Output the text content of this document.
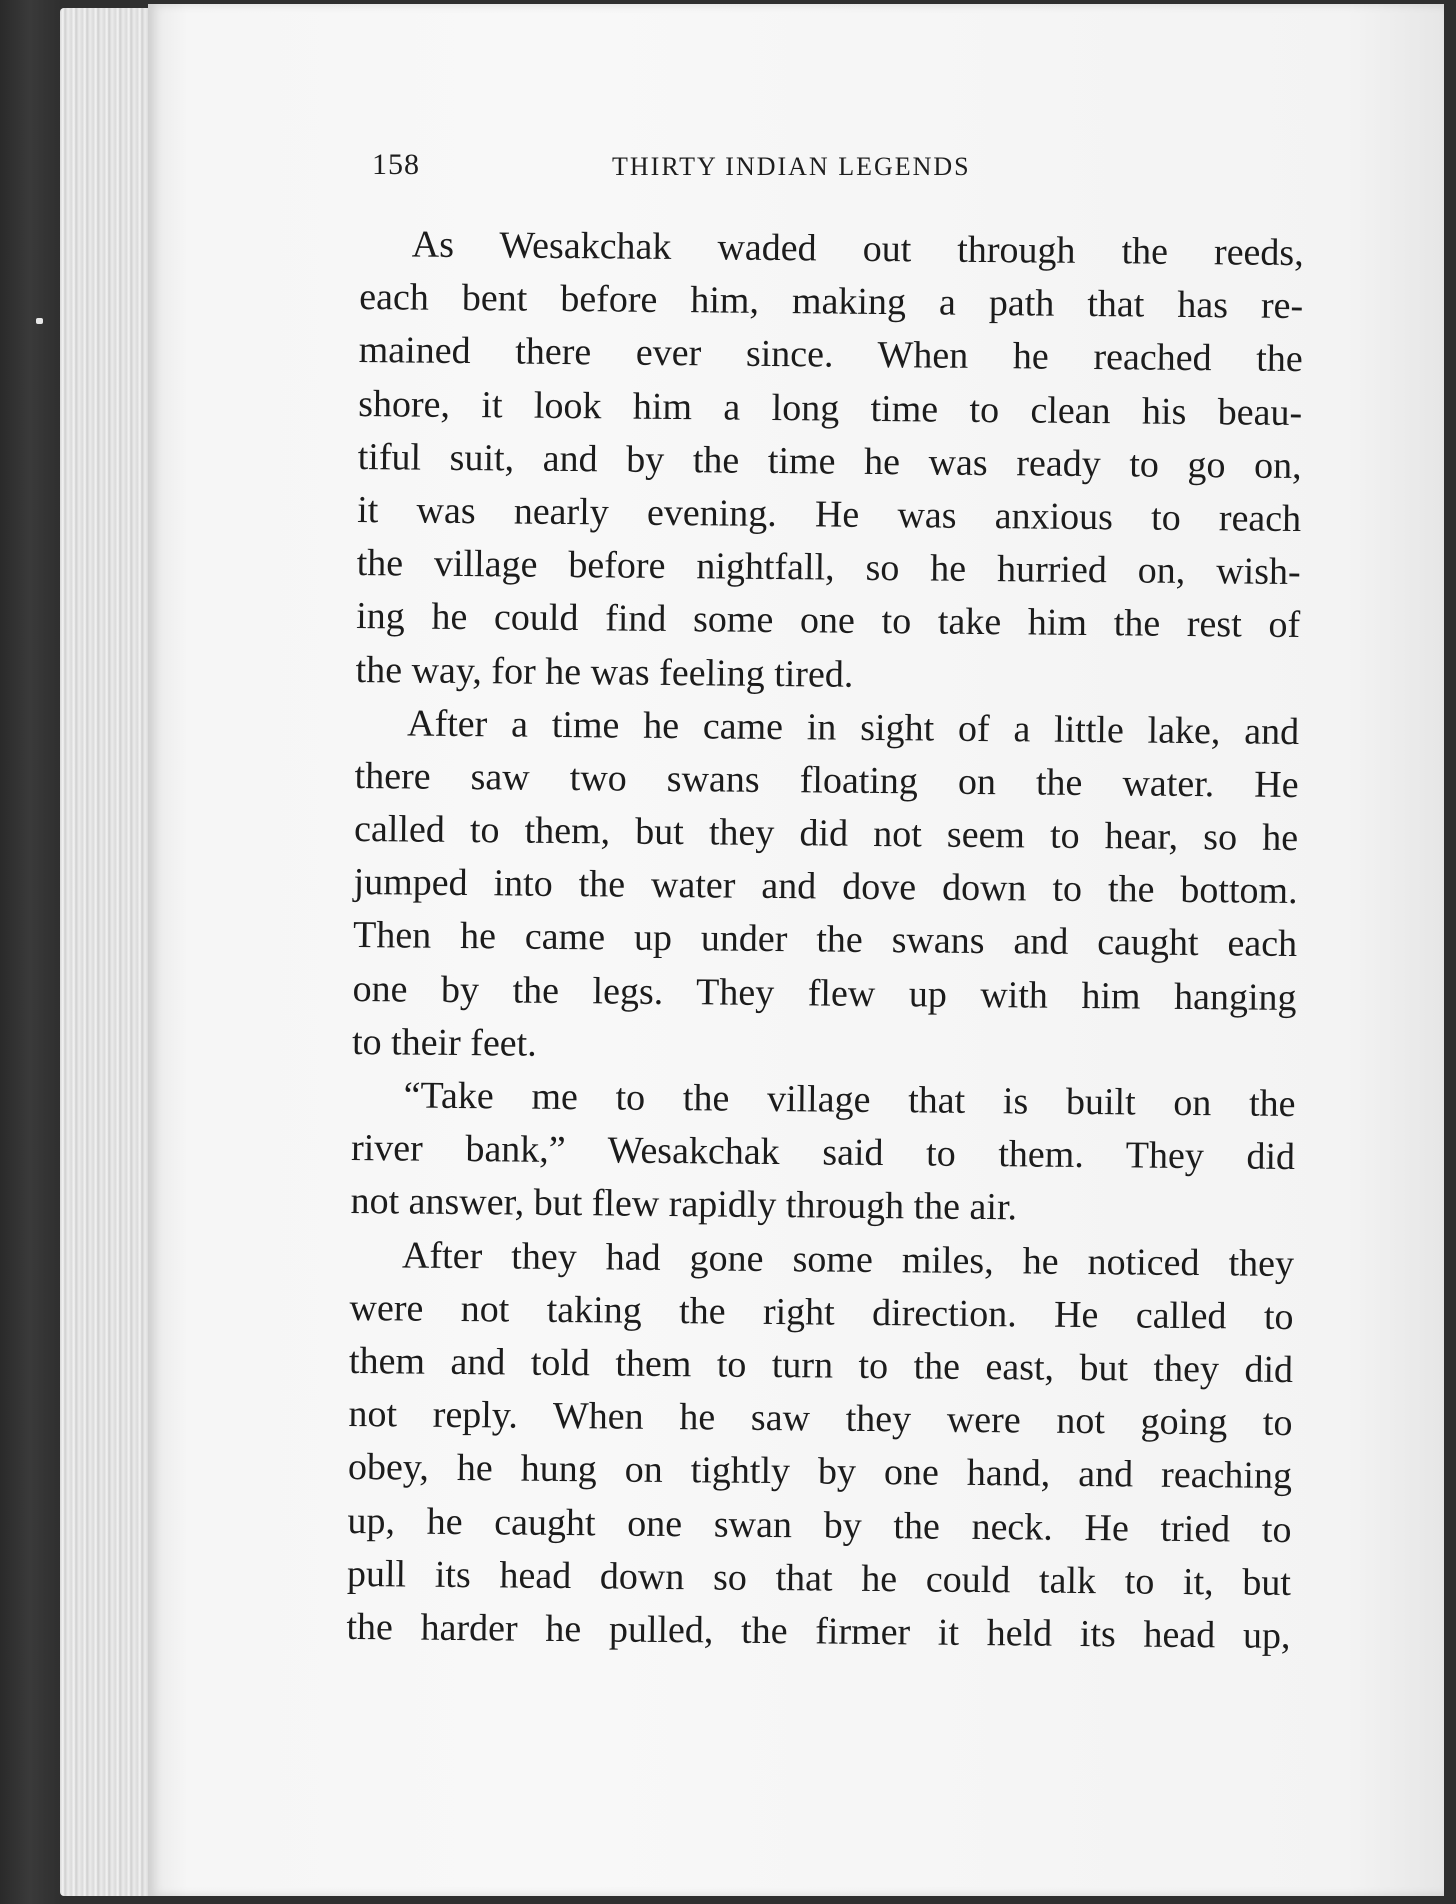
158	THIRTY INDIAN LEGENDS
As Wesakchak waded out through the reeds,
each bent before him, making a path that has re-
mained there ever since. When he reached the
shore, it look him a long time to clean his beau-
tiful suit, and by the time he was ready to go on,
it was nearly evening. He was anxious to reach
the village before nightfall, so he hurried on, wish-
ing he could find some one to take him the rest of
the way, for he was feeling tired.
After a time he came in sight of a little lake, and
there saw two swans floating on the water. He
called to them, but they did not seem to hear, so he
jumped into the water and dove down to the bottom.
Then he came up under the swans and caught each
one by the legs. They flew up with him hanging
to their feet.
“Take me to the village that is built on the
river bank,” Wesakchak said to them. They did
not answer, but flew rapidly through the air.
After they had gone some miles, he noticed they
were not taking the right direction. He called to
them and told them to turn to the east, but they did
not reply. When he saw they were not going to
obey, he hung on tightly by one hand, and reaching
up, he caught one swan by the neck. He tried to
pull its head down so that he could talk to it, but
the harder he pulled, the firmer it held its head up,
